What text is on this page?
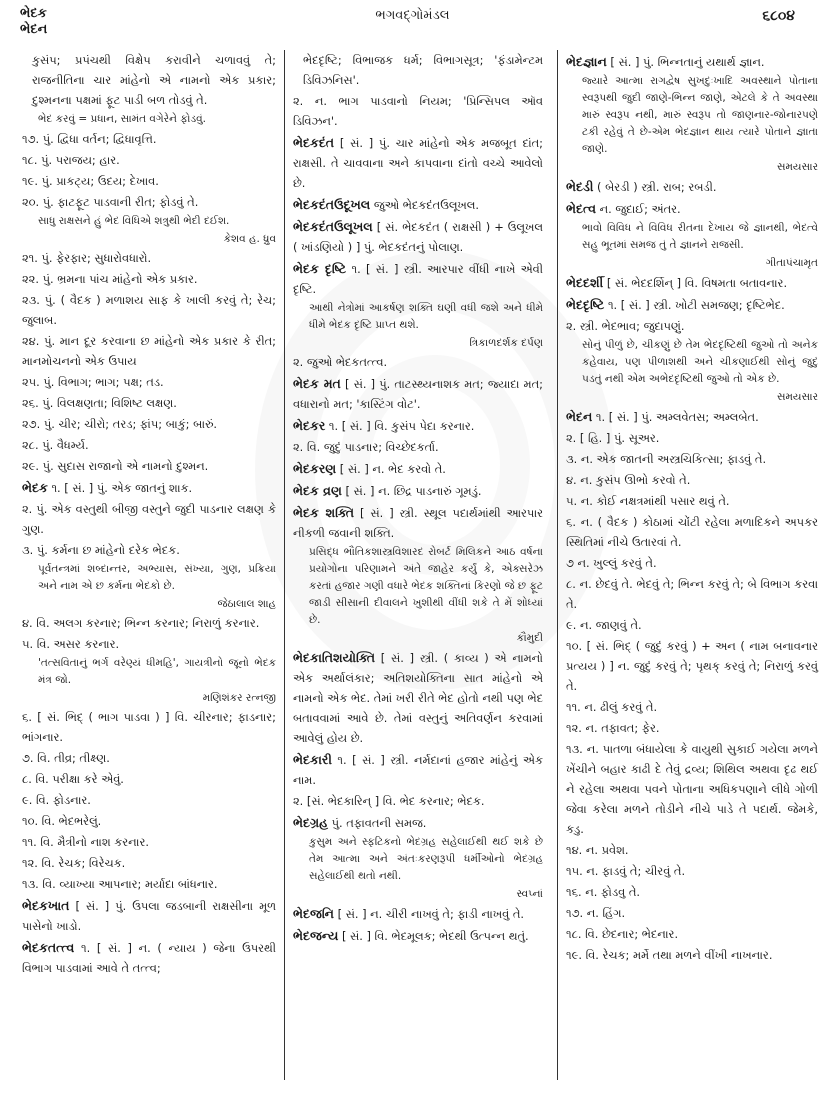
ભેદક
ભેદન
ભગવદ્ગોમંડલ	૬૮૦૪

કુસંપ; પ્રપંચથી વિક્ષેપ કરાવીને ચળાવવું તે; રાજનીતિના ચાર માંહેનો એ નામનો એક પ્રકાર; દુશ્મનના પક્ષમાં ફૂટ પાડી બળ તોડવું તે.

ભેદ કરવું = પ્રધાન, સામંત વગેરેને ફોડવું.

૧૭. પું. દ્વિધા વર્તન; દ્વિધાવૃત્તિ.

૧૮. પું. પરાજય; હાર.

૧૯. પું. પ્રાકટ્ય; ઉદય; દેખાવ.

૨૦. પું. ફાટફૂટ પાડવાની રીત; ફોડવું તે.

સાધુ રાક્ષસને હું ભેદ વિધિએ શત્રુથી ભેદી દઈશ.

કેશવ હ. ધ્રુવ

૨૧. પું. ફેરફાર; સુધારોવધારો.

૨૨. પું. ભ્રમના પાંચ માંહેનો એક પ્રકાર.

૨૩. પું. ( વૈદક ) મળાશય સાફ કે ખાલી કરવું તે; રેચ; જુલાબ.

૨૪. પું. માન દૂર કરવાના છ માંહેનો એક પ્રકાર કે રીત; માનમોચનનો એક ઉપાય

૨૫. પું. વિભાગ; ભાગ; પક્ષ; તડ.

૨૬. પું. વિલક્ષણતા; વિશિષ્ટ લક્ષણ.

૨૭. પું. ચીર; ચીરો; તરડ; ફાંપ; બાકું; બારું.

૨૮. પું. વૈધર્મ્ય.

૨૯. પું. સુદાસ રાજાનો એ નામનો દુશ્મન.

ભેદક ૧. [ સં. ] પું. એક જાતનું શાક.

૨. પું. એક વસ્તુથી બીજી વસ્તુને જુદી પાડનાર લક્ષણ કે ગુણ.

૩. પું. કર્મના છ માંહેનો દરેક ભેદક.

પૂર્વતન્ત્રમાં શબ્દાન્તર, અભ્યાસ, સંખ્યા, ગુણ, પ્રક્રિયા અને નામ એ છ કર્મના ભેદકો છે.

જેઠાલાલ શાહ

૪. વિ. અલગ કરનાર; ભિન્ન કરનાર; નિરાળું કરનાર.

૫. વિ. અસર કરનાર.

'તત્સવિતાનું ભર્ગ વરેણ્યં ધીમહિ', ગાયત્રીનો જૂનો ભેદક મંત્ર જો.

મણિશંકર રત્નજી

૬. [ સં. ભિદ્ ( ભાગ પાડવા ) ] વિ. ચીરનાર; ફાડનાર; ભાંગનાર.

૭. વિ. તીવ્ર; તીક્ષ્ણ.

૮. વિ. પરીક્ષા કરે એવું.

૯. વિ. ફોડનાર.

૧૦. વિ. ભેદભરેલું.

૧૧. વિ. મૈત્રીનો નાશ કરનાર.

૧૨. વિ. રેચક; વિરેચક.

૧૩. વિ. વ્યાખ્યા આપનાર; મર્યાદા બાંધનાર.

ભેદકખાત [ સં. ] પું. ઉપલા જડબાની રાક્ષસીના મૂળ પાસેનો ખાડો.

ભેદકતત્ત્વ ૧. [ સં. ] ન. ( ન્યાય ) જેના ઉપરથી વિભાગ પાડવામાં આવે તે તત્ત્વ;

ભેદદૃષ્ટિ; વિભાજક ધર્મ; વિભાગસૂત્ર; 'ફંડામેન્ટમ ડિવિઝનિસ'.

૨. ન. ભાગ પાડવાનો નિયમ; 'પ્રિન્સિપલ ઑવ ડિવિઝન'.

ભેદકદંત [ સં. ] પું. ચાર માંહેનો એક મજબૂત દાંત; રાક્ષસી. તે ચાવવાના અને કાપવાના દાંતો વચ્ચે આવેલો છે.

ભેદકદંતઉદૂખલ જુઓ ભેદકદંતઉલૂખલ.

ભેદકદંતઉલૂખલ [ સં. ભેદકદંત ( રાક્ષસી ) + ઉલૂખલ ( ખાંડણિયો ) ] પું. ભેદકદંતનું પોલાણ.

ભેદક દૃષ્ટિ ૧. [ સં. ] સ્ત્રી. આરપાર વીંધી નાખે એવી દૃષ્ટિ.

આથી નેત્રોમાં આકર્ષણ શક્તિ ઘણી વધી જશે અને ધીમે ધીમે ભેદક દૃષ્ટિ પ્રાપ્ત થશે.

ત્રિકાળદર્શક દર્પણ

૨. જુઓ ભેદકતત્ત્વ.

ભેદક મત [ સં. ] પું. તાટસ્થ્યનાશક મત; જ્યાદા મત; વધારાનો મત; 'કાસ્ટિંગ વોટ'.

ભેદકર ૧. [ સં. ] વિ. કુસંપ પેદા કરનાર.

૨. વિ. જુદું પાડનાર; વિચ્છેદકર્તા.

ભેદકરણ [ સં. ] ન. ભેદ કરવો તે.

ભેદક વ્રણ [ સં. ] ન. છિદ્ર પાડનારું ગૂમડું.

ભેદક શક્તિ [ સં. ] સ્ત્રી. સ્થૂલ પદાર્થમાંથી આરપાર નીકળી જવાની શક્તિ.

પ્રસિદ્ધ ભૌતિકશાસ્ત્રવિશારદ રોબર્ટ મિલિકને આઠ વર્ષના પ્રયોગોના પરિણામને અંતે જાહેર કર્યું કે, એક્સરેઝ કરતાં હજાર ગણી વધારે ભેદક શક્તિનાં કિરણો જે છ ફૂટ જાડી સીસાની દીવાલને ખુશીથી વીંધી શકે તે મેં શોધ્યાં છે.

કૌમુદી

ભેદકાતિશયોક્તિ [ સં. ] સ્ત્રી. ( કાવ્ય ) એ નામનો એક અર્થાલંકાર; અતિશયોક્તિના સાત માંહેનો એ નામનો એક ભેદ. તેમાં ખરી રીતે ભેદ હોતો નથી પણ ભેદ બતાવવામાં આવે છે. તેમાં વસ્તુનું અતિવર્ણન કરવામાં આવેલું હોય છે.

ભેદકારી ૧. [ સં. ] સ્ત્રી. નર્મદાનાં હજાર માંહેનું એક નામ.

૨. [સં. ભેદકારિન્ ] વિ. ભેદ કરનાર; ભેદક.

ભેદગ્રહ પું. તફાવતની સમજ.

કુસુમ અને સ્ફટિકનો ભેદગ્રહ સહેલાઈથી થઈ શકે છે તેમ આત્મા અને અંતઃકરણરૂપી ધર્મીઓનો ભેદગ્રહ સહેલાઈથી થતો નથી.

સ્વપ્નાં

ભેદજનિ [ સં. ] ન. ચીરી નાખવું તે; ફાડી નાખવું તે.

ભેદજન્ય [ સં. ] વિ. ભેદમૂલક; ભેદથી ઉત્પન્ન થતું.

ભેદજ્ઞાન [ સં. ] પું. ભિન્નતાનું યથાર્થ જ્ઞાન.

જ્યારે આત્મા રાગદ્વેષ સુખદુઃખાદિ અવસ્થાને પોતાના સ્વરૂપથી જુદી જાણે-ભિન્ન જાણે, એટલે કે તે અવસ્થા મારું સ્વરૂપ નથી, મારું સ્વરૂપ તો જાણનાર-જોનારપણે ટકી રહેવું તે છે-એમ ભેદજ્ઞાન થાય ત્યારે પોતાને જ્ઞાતા જાણે.

સમયસાર

ભેદડી ( બેરડી ) સ્ત્રી. રાબ; રબડી.

ભેદત્વ ન. જુદાઈ; અંતર.

ભાવો વિવિધ ને વિવિધ રીતના દેખાય જે જ્ઞાનથી, ભેદત્વે સહુ ભૂતમાં સમજ તું તે જ્ઞાનને રાજસી.

ગીતાપંચામૃત

ભેદદર્શી [ સં. ભેદદર્શિન્ ] વિ. વિષમતા બતાવનાર.

ભેદદૃષ્ટિ ૧. [ સં. ] સ્ત્રી. ખોટી સમજણ; દૃષ્ટિભેદ.

૨. સ્ત્રી. ભેદભાવ; જુદાપણું.

સોનું પીળું છે, ચીકણું છે તેમ ભેદદૃષ્ટિથી જુઓ તો અનેક કહેવાય, પણ પીળાશથી અને ચીકણાઈથી સોનું જુદું પડતું નથી એમ અભેદદૃષ્ટિથી જુઓ તો એક છે.

સમયસાર

ભેદન ૧. [ સં. ] પું. અમ્લવેતસ; અમ્લબેત.

૨. [ હિ. ] પું. સૂઅર.

૩. ન. એક જાતની અસ્ત્રચિકિત્સા; ફાડવું તે.

૪. ન. કુસંપ ઊભો કરવો તે.

૫. ન. કોઈ નક્ષત્રમાંથી પસાર થવું તે.

૬. ન. ( વૈદક ) કોઠામાં ચોંટી રહેલા મળાદિકને અપકર સ્થિતિમાં નીચે ઉતારવાં તે.

૭ ન. ખુલ્લું કરવું તે.

૮. ન. છેદવું તે. ભેદવું તે; ભિન્ન કરવું તે; બે વિભાગ કરવા તે.

૯. ન. જાણવું તે.

૧૦. [ સં. ભિદ્ ( જુદું કરવું ) + અન ( નામ બનાવનાર પ્રત્યય ) ] ન. જુદું કરવું તે; પૃથક્ કરવું તે; નિરાળું કરવું તે.

૧૧. ન. ઢીલું કરવું તે.

૧૨. ન. તફાવત; ફેર.

૧૩. ન. પાતળા બંધાયેલા કે વાયુથી સુકાઈ ગયેલા મળને ખેંચીને બહાર કાઢી દે તેવું દ્રવ્ય; શિથિલ અથવા દૃઢ થઈ ને રહેલા અથવા પવને પોતાના અધિકપણાને લીધે ગોળી જેવા કરેલા મળને તોડીને નીચે પાડે તે પદાર્થ. જેમકે, કડુ.

૧૪. ન. પ્રવેશ.

૧૫. ન. ફાડવું તે; ચીરવું તે.

૧૬. ન. ફોડવુ તે.

૧૭. ન. હિંગ.

૧૮. વિ. છેદનાર; ભેદનાર.

૧૯. વિ. રેચક; મર્મે તથા મળને વીંખી નાખનાર.
